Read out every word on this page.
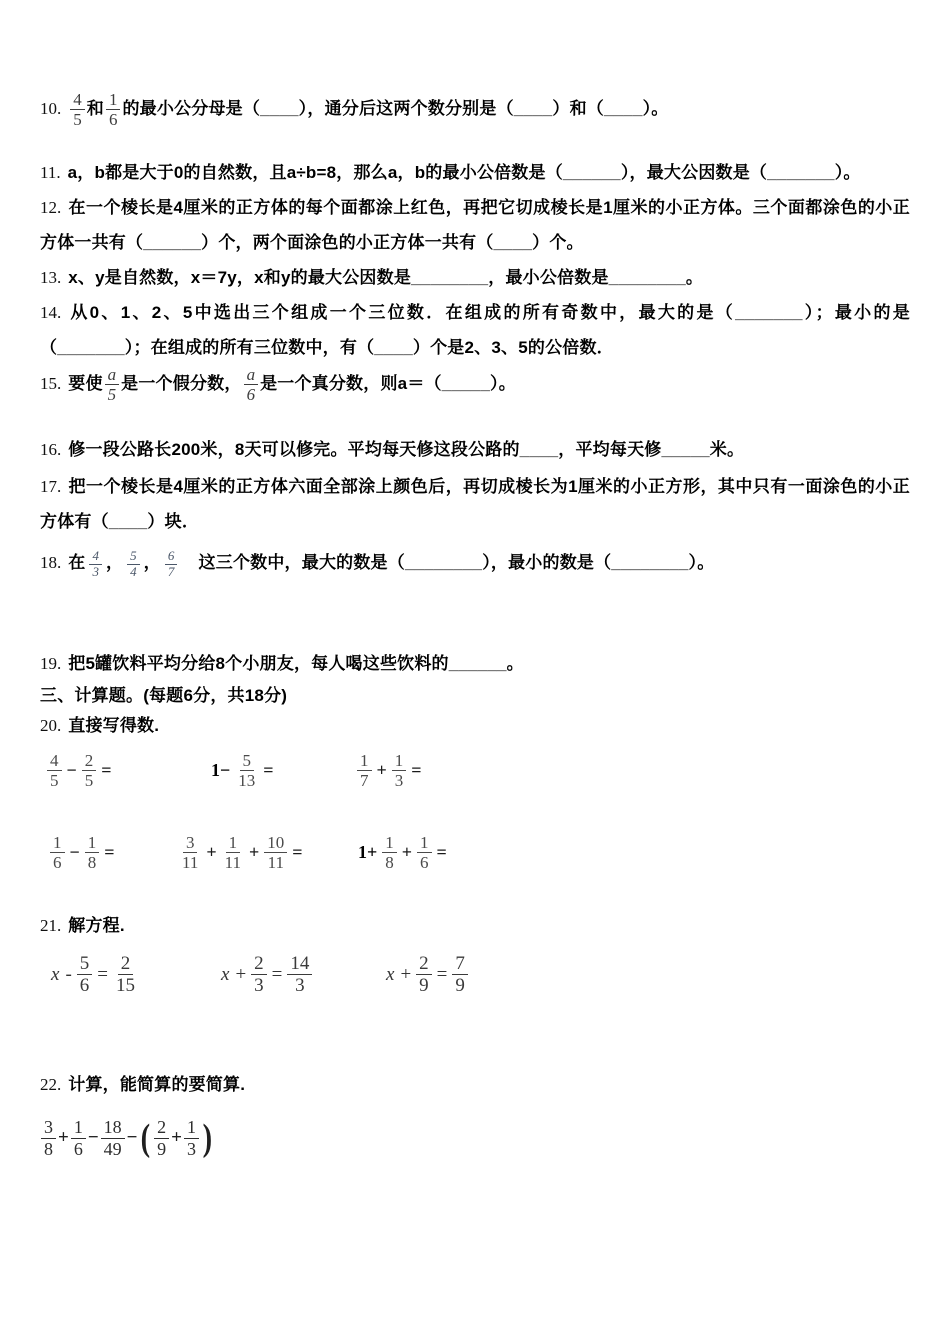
10. $\frac{4}{5}$ 和 $\frac{1}{6}$ 的最小公分母是（____），通分后这两个数分别是（____）和（____）。
11. a，b都是大于0的自然数，且a÷b=8，那么a，b的最小公倍数是（______），最大公因数是（_______）。
12. 在一个棱长是4厘米的正方体的每个面都涂上红色，再把它切成棱长是1厘米的小正方体。三个面都涂色的小正方体一共有（______）个，两个面涂色的小正方体一共有（____）个。
13. x、y是自然数，x＝7y，x和y的最大公因数是________，最小公倍数是________。
14. 从0、1、2、5中选出三个组成一个三位数．在组成的所有奇数中，最大的是（_______）；最小的是（_______）；在组成的所有三位数中，有（____）个是2、3、5的公倍数．
15. 要使 $\frac{a}{5}$ 是一个假分数， $\frac{a}{6}$ 是一个真分数，则a＝（_____）。
16. 修一段公路长200米，8天可以修完。平均每天修这段公路的____，平均每天修_____米。
17. 把一个棱长是4厘米的正方体六面全部涂上颜色后，再切成棱长为1厘米的小正方形，其中只有一面涂色的小正方体有（____）块．
18. 在 $\frac{4}{3}$ ， $\frac{5}{4}$ ， $\frac{6}{7}$ 　这三个数中，最大的数是（________），最小的数是（________）。
19. 把5罐饮料平均分给8个小朋友，每人喝这些饮料的______。
三、计算题。(每题6分，共18分)
20. 直接写得数.
$\frac{4}{5} - \frac{2}{5}$ =	$1- \frac{5}{13}$ =	$\frac{1}{7} + \frac{1}{3}$ =
$\frac{1}{6} - \frac{1}{8}$ =	$\frac{3}{11} + \frac{1}{11} + \frac{10}{11}$ =	$1+ \frac{1}{8} + \frac{1}{6}$ =
21. 解方程.
$x - \frac{5}{6} = \frac{2}{15}$	$x + \frac{2}{3} = \frac{14}{3}$	$x + \frac{2}{9} = \frac{7}{9}$
22. 计算，能简算的要简算.
$\frac{3}{8} + \frac{1}{6} - \frac{18}{49}$ − ( $\frac{2}{9} + \frac{1}{3}$ )
